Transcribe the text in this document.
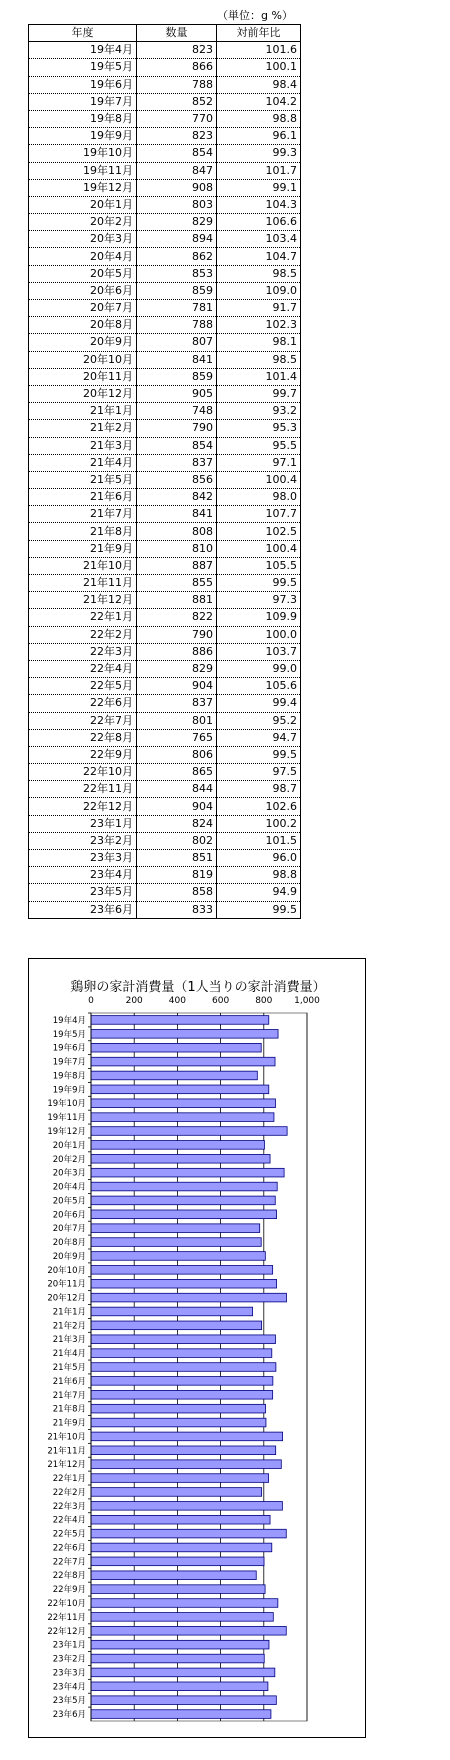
（単位：g %）
年度	数量	対前年比
19年4月	823	101.6
19年5月	866	100.1
19年6月	788	98.4
19年7月	852	104.2
19年8月	770	98.8
19年9月	823	96.1
19年10月	854	99.3
19年11月	847	101.7
19年12月	908	99.1
20年1月	803	104.3
20年2月	829	106.6
20年3月	894	103.4
20年4月	862	104.7
20年5月	853	98.5
20年6月	859	109.0
20年7月	781	91.7
20年8月	788	102.3
20年9月	807	98.1
20年10月	841	98.5
20年11月	859	101.4
20年12月	905	99.7
21年1月	748	93.2
21年2月	790	95.3
21年3月	854	95.5
21年4月	837	97.1
21年5月	856	100.4
21年6月	842	98.0
21年7月	841	107.7
21年8月	808	102.5
21年9月	810	100.4
21年10月	887	105.5
21年11月	855	99.5
21年12月	881	97.3
22年1月	822	109.9
22年2月	790	100.0
22年3月	886	103.7
22年4月	829	99.0
22年5月	904	105.6
22年6月	837	99.4
22年7月	801	95.2
22年8月	765	94.7
22年9月	806	99.5
22年10月	865	97.5
22年11月	844	98.7
22年12月	904	102.6
23年1月	824	100.2
23年2月	802	101.5
23年3月	851	96.0
23年4月	819	98.8
23年5月	858	94.9
23年6月	833	99.5
鶏卵の家計消費量（1人当りの家計消費量）
0	200	400	600	800 1,000
19年4月
19年5月
19年6月
19年7月
19年8月
19年9月
19年10月
19年11月
19年12月
20年1月
20年2月
20年3月
20年4月
20年5月
20年6月
20年7月
20年8月
20年9月
20年10月
20年11月
20年12月
21年1月
21年2月
21年3月
21年4月
21年5月
21年6月
21年7月
21年8月
21年9月
21年10月
21年11月
21年12月
22年1月
22年2月
22年3月
22年4月
22年5月
22年6月
22年7月
22年8月
22年9月
22年10月
22年11月
22年12月
23年1月
23年2月
23年3月
23年4月
23年5月
23年6月
